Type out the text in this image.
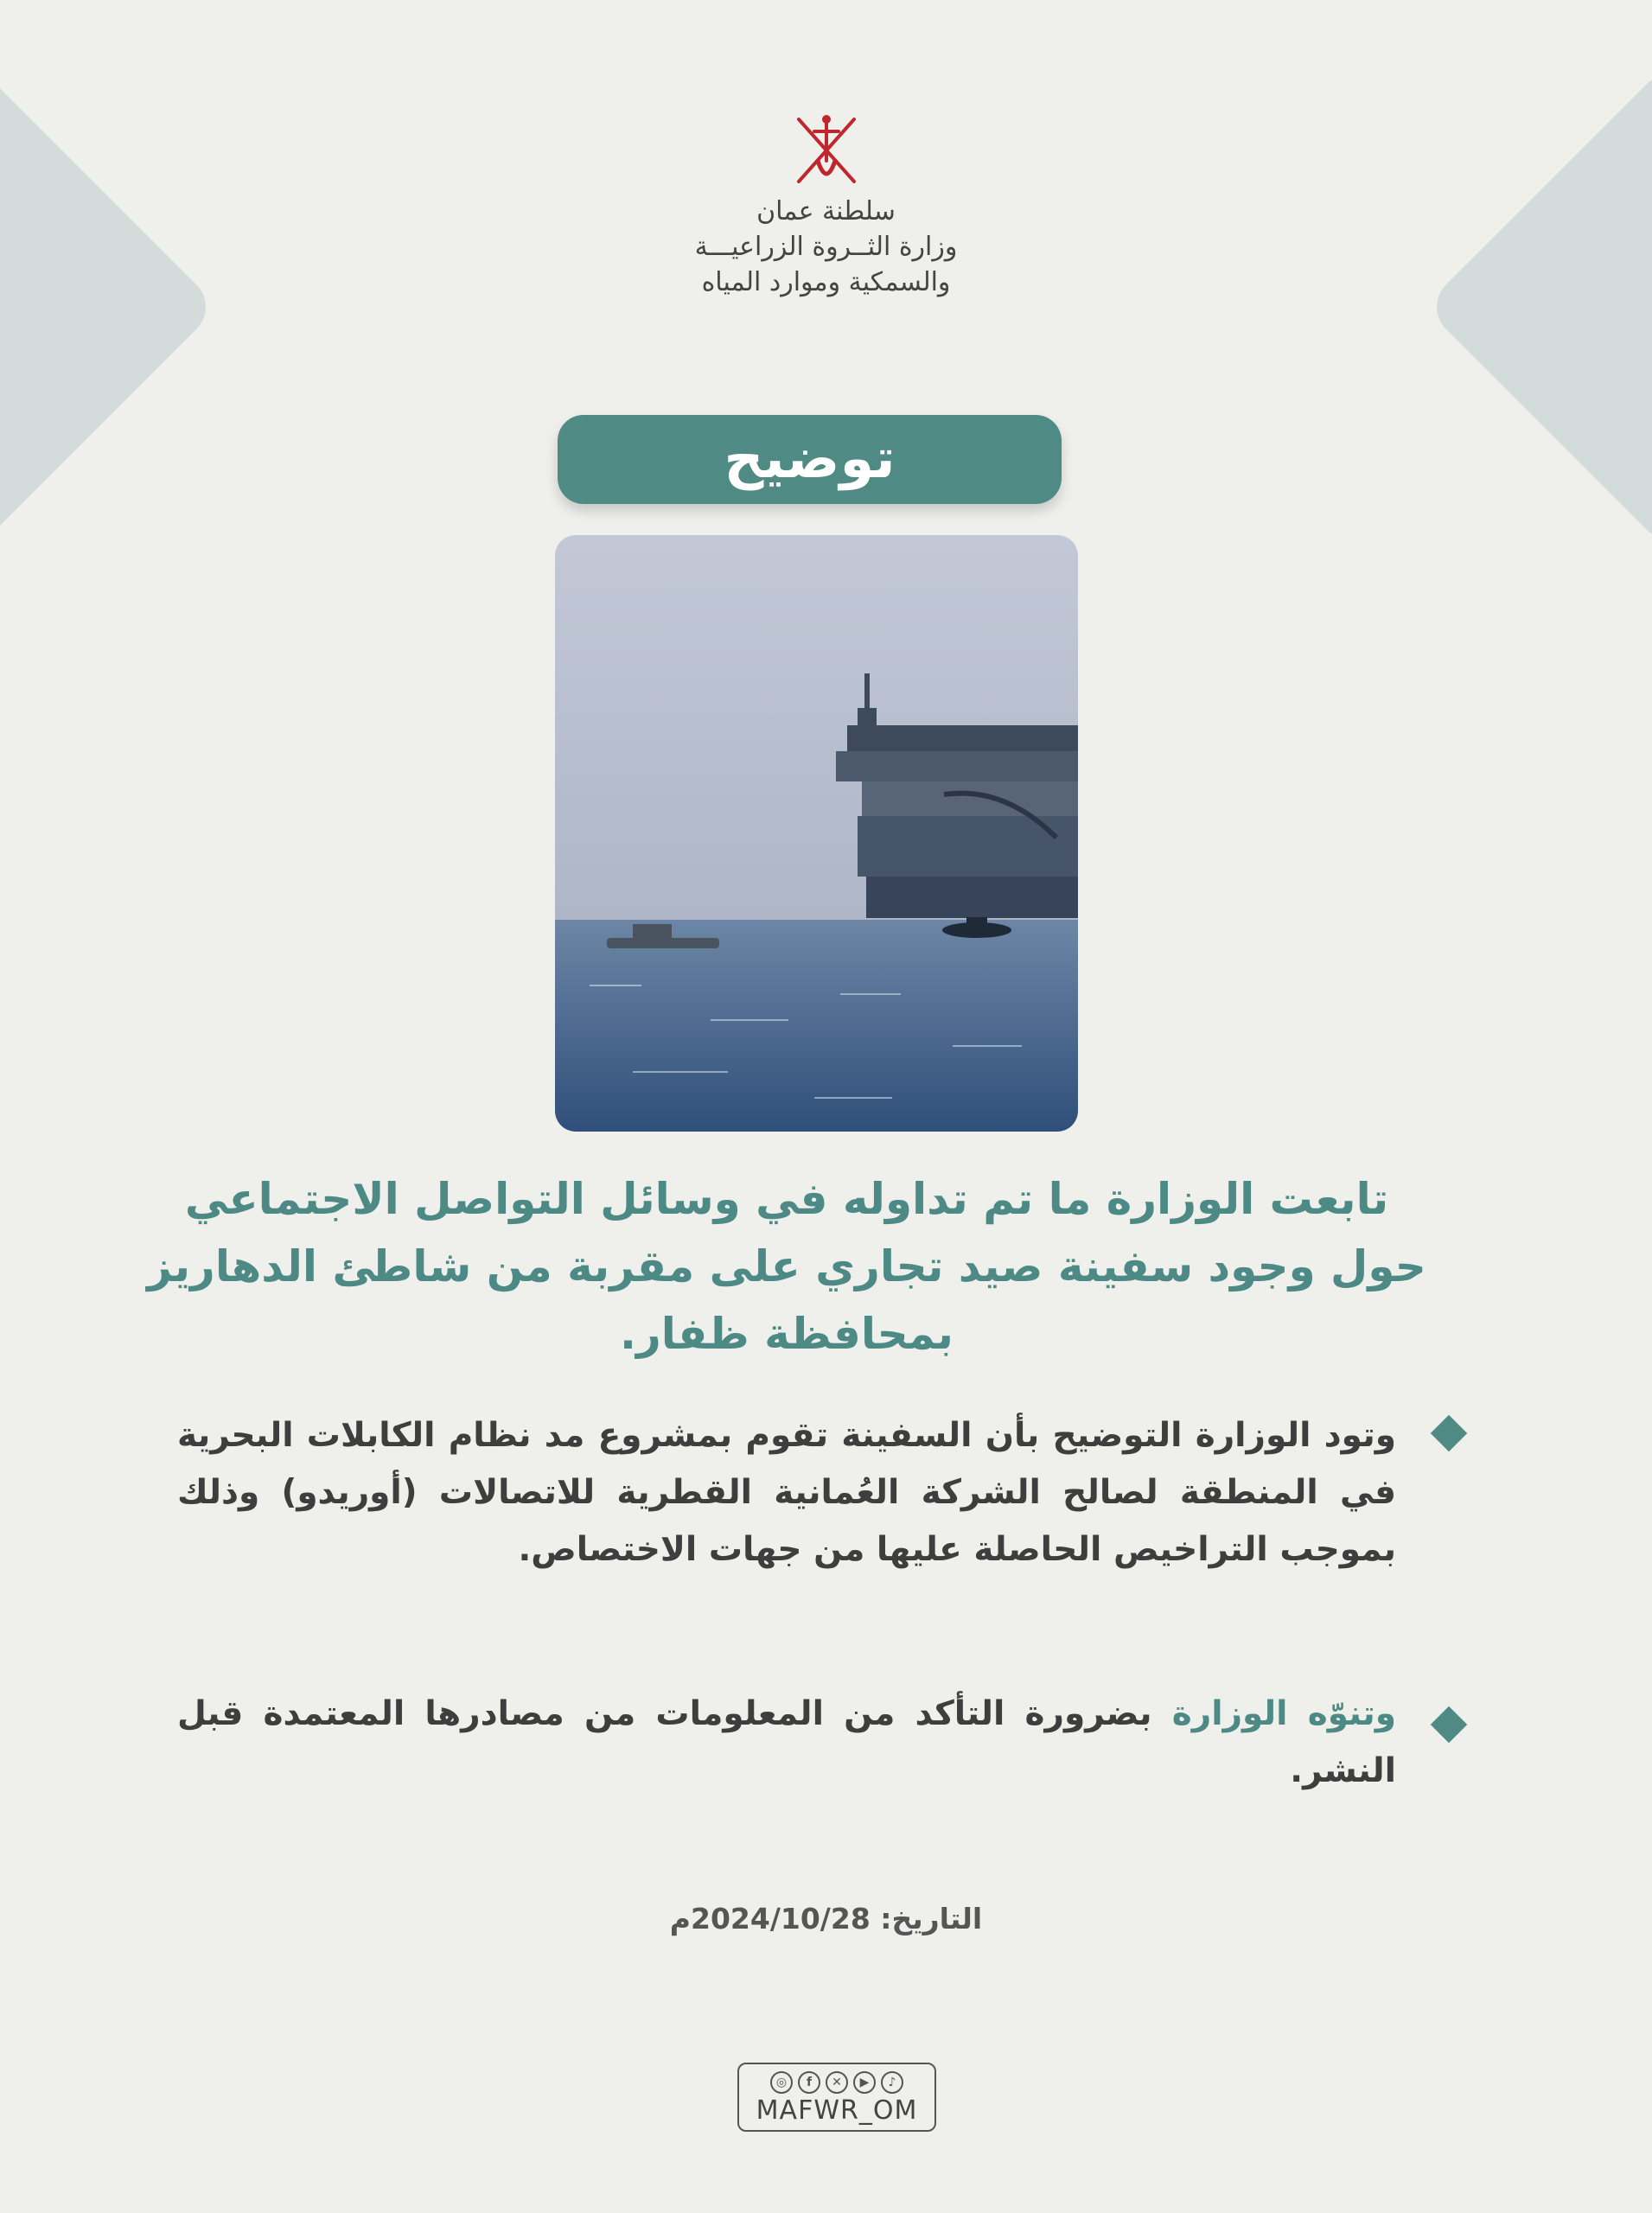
سلطنة عمان
وزارة الثــروة الزراعيـــة
والسمكية وموارد المياه
توضيح
تابعت الوزارة ما تم تداوله في وسائل التواصل الاجتماعي حول وجود سفينة صيد تجاري على مقربة من شاطئ الدهاريز بمحافظة ظفار.
وتود الوزارة التوضيح بأن السفينة تقوم بمشروع مد نظام الكابلات البحرية في المنطقة لصالح الشركة العُمانية القطرية للاتصالات (أوريدو) وذلك بموجب التراخيص الحاصلة عليها من جهات الاختصاص.
وتنوّه الوزارة بضرورة التأكد من المعلومات من مصادرها المعتمدة قبل النشر.
التاريخ: 2024/10/28م
◎	f	✕	▶	♪
MAFWR_OM
